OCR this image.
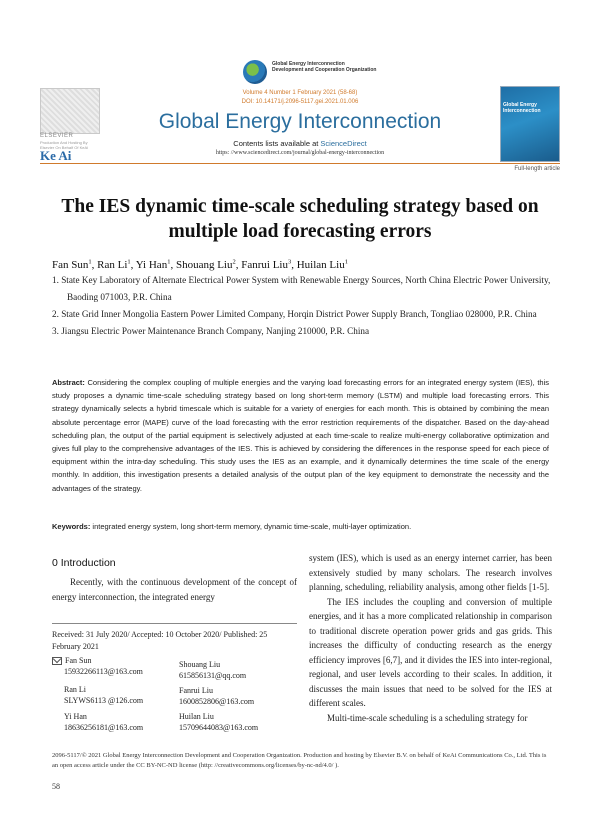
Global Energy Interconnection
Development and Cooperation Organization
ELSEVIER
Production And Hosting By Elsevier On Behalf Of KeAi
Ke Ai
Volume 4 Number 1 February 2021 (58-68)
DOI: 10.14171/j.2096-5117.gei.2021.01.006
Global Energy Interconnection
Contents lists available at ScienceDirect
https: //www.sciencedirect.com/journal/global-energy-interconnection
Global Energy Interconnection
Full-length article
The IES dynamic time-scale scheduling strategy based on multiple load forecasting errors
Fan Sun$^1$, Ran Li$^1$, Yi Han$^1$, Shouang Liu$^2$, Fanrui Liu$^3$, Huilan Liu$^1$
1. State Key Laboratory of Alternate Electrical Power System with Renewable Energy Sources, North China Electric Power University, Baoding 071003, P.R. China
2. State Grid Inner Mongolia Eastern Power Limited Company, Horqin District Power Supply Branch, Tongliao 028000, P.R. China
3. Jiangsu Electric Power Maintenance Branch Company, Nanjing 210000, P.R. China
Abstract: Considering the complex coupling of multiple energies and the varying load forecasting errors for an integrated energy system (IES), this study proposes a dynamic time-scale scheduling strategy based on long short-term memory (LSTM) and multiple load forecasting errors. This strategy dynamically selects a hybrid timescale which is suitable for a variety of energies for each month. This is obtained by combining the mean absolute percentage error (MAPE) curve of the load forecasting with the error restriction requirements of the dispatcher. Based on the day-ahead scheduling plan, the output of the partial equipment is selectively adjusted at each time-scale to realize multi-energy collaborative optimization and gives full play to the comprehensive advantages of the IES. This is achieved by considering the differences in the response speed for each piece of equipment within the intra-day scheduling. This study uses the IES as an example, and it dynamically determines the time scale of the energy monthly. In addition, this investigation presents a detailed analysis of the output plan of the key equipment to demonstrate the necessity and the advantages of the strategy.
Keywords: integrated energy system, long short-term memory, dynamic time-scale, multi-layer optimization.
0 Introduction
Recently, with the continuous development of the concept of energy interconnection, the integrated energy

system (IES), which is used as an energy internet carrier, has been extensively studied by many scholars. The research involves planning, scheduling, reliability analysis, among other fields [1-5].

The IES includes the coupling and conversion of multiple energies, and it has a more complicated relationship in comparison to traditional discrete operation power grids and gas grids. This increases the difficulty of conducting research as the energy efficiency improves [6,7], and it divides the IES into inter-regional, regional, and user levels according to their scales. In addition, it discusses the main issues that need to be solved for the IES at different scales.

Multi-time-scale scheduling is a scheduling strategy for

Received: 31 July 2020/ Accepted: 10 October 2020/ Published: 25 February 2021
Fan Sun
15932266113@163.com
Shouang Liu
615856131@qq.com
Ran Li
SLYWS6113 @126.com
Fanrui Liu
1600852806@163.com
Yi Han
18636256181@163.com
Huilan Liu
15709644083@163.com
2096-5117/© 2021 Global Energy Interconnection Development and Cooperation Organization. Production and hosting by Elsevier B.V. on behalf of KeAi Communications Co., Ltd. This is an open access article under the CC BY-NC-ND license (http: //creativecommons.org/licenses/by-nc-nd/4.0/ ).
58
